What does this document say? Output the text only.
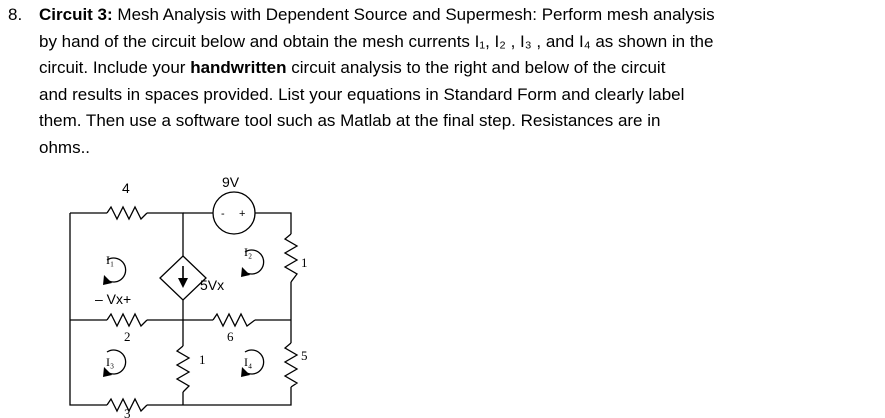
8. Circuit 3: Mesh Analysis with Dependent Source and Supermesh: Perform mesh analysis
by hand of the circuit below and obtain the mesh currents I₁, I₂ , I₃ , and I₄ as shown in the
circuit. Include your handwritten circuit analysis to the right and below of the circuit
and results in spaces provided. List your equations in Standard Form and clearly label
them. Then use a software tool such as Matlab at the final step. Resistances are in
ohms..
4	9V
- +
1
5Vx
– Vx+
2	6
1	5
3
I₁
I₂
I₃	I₄
